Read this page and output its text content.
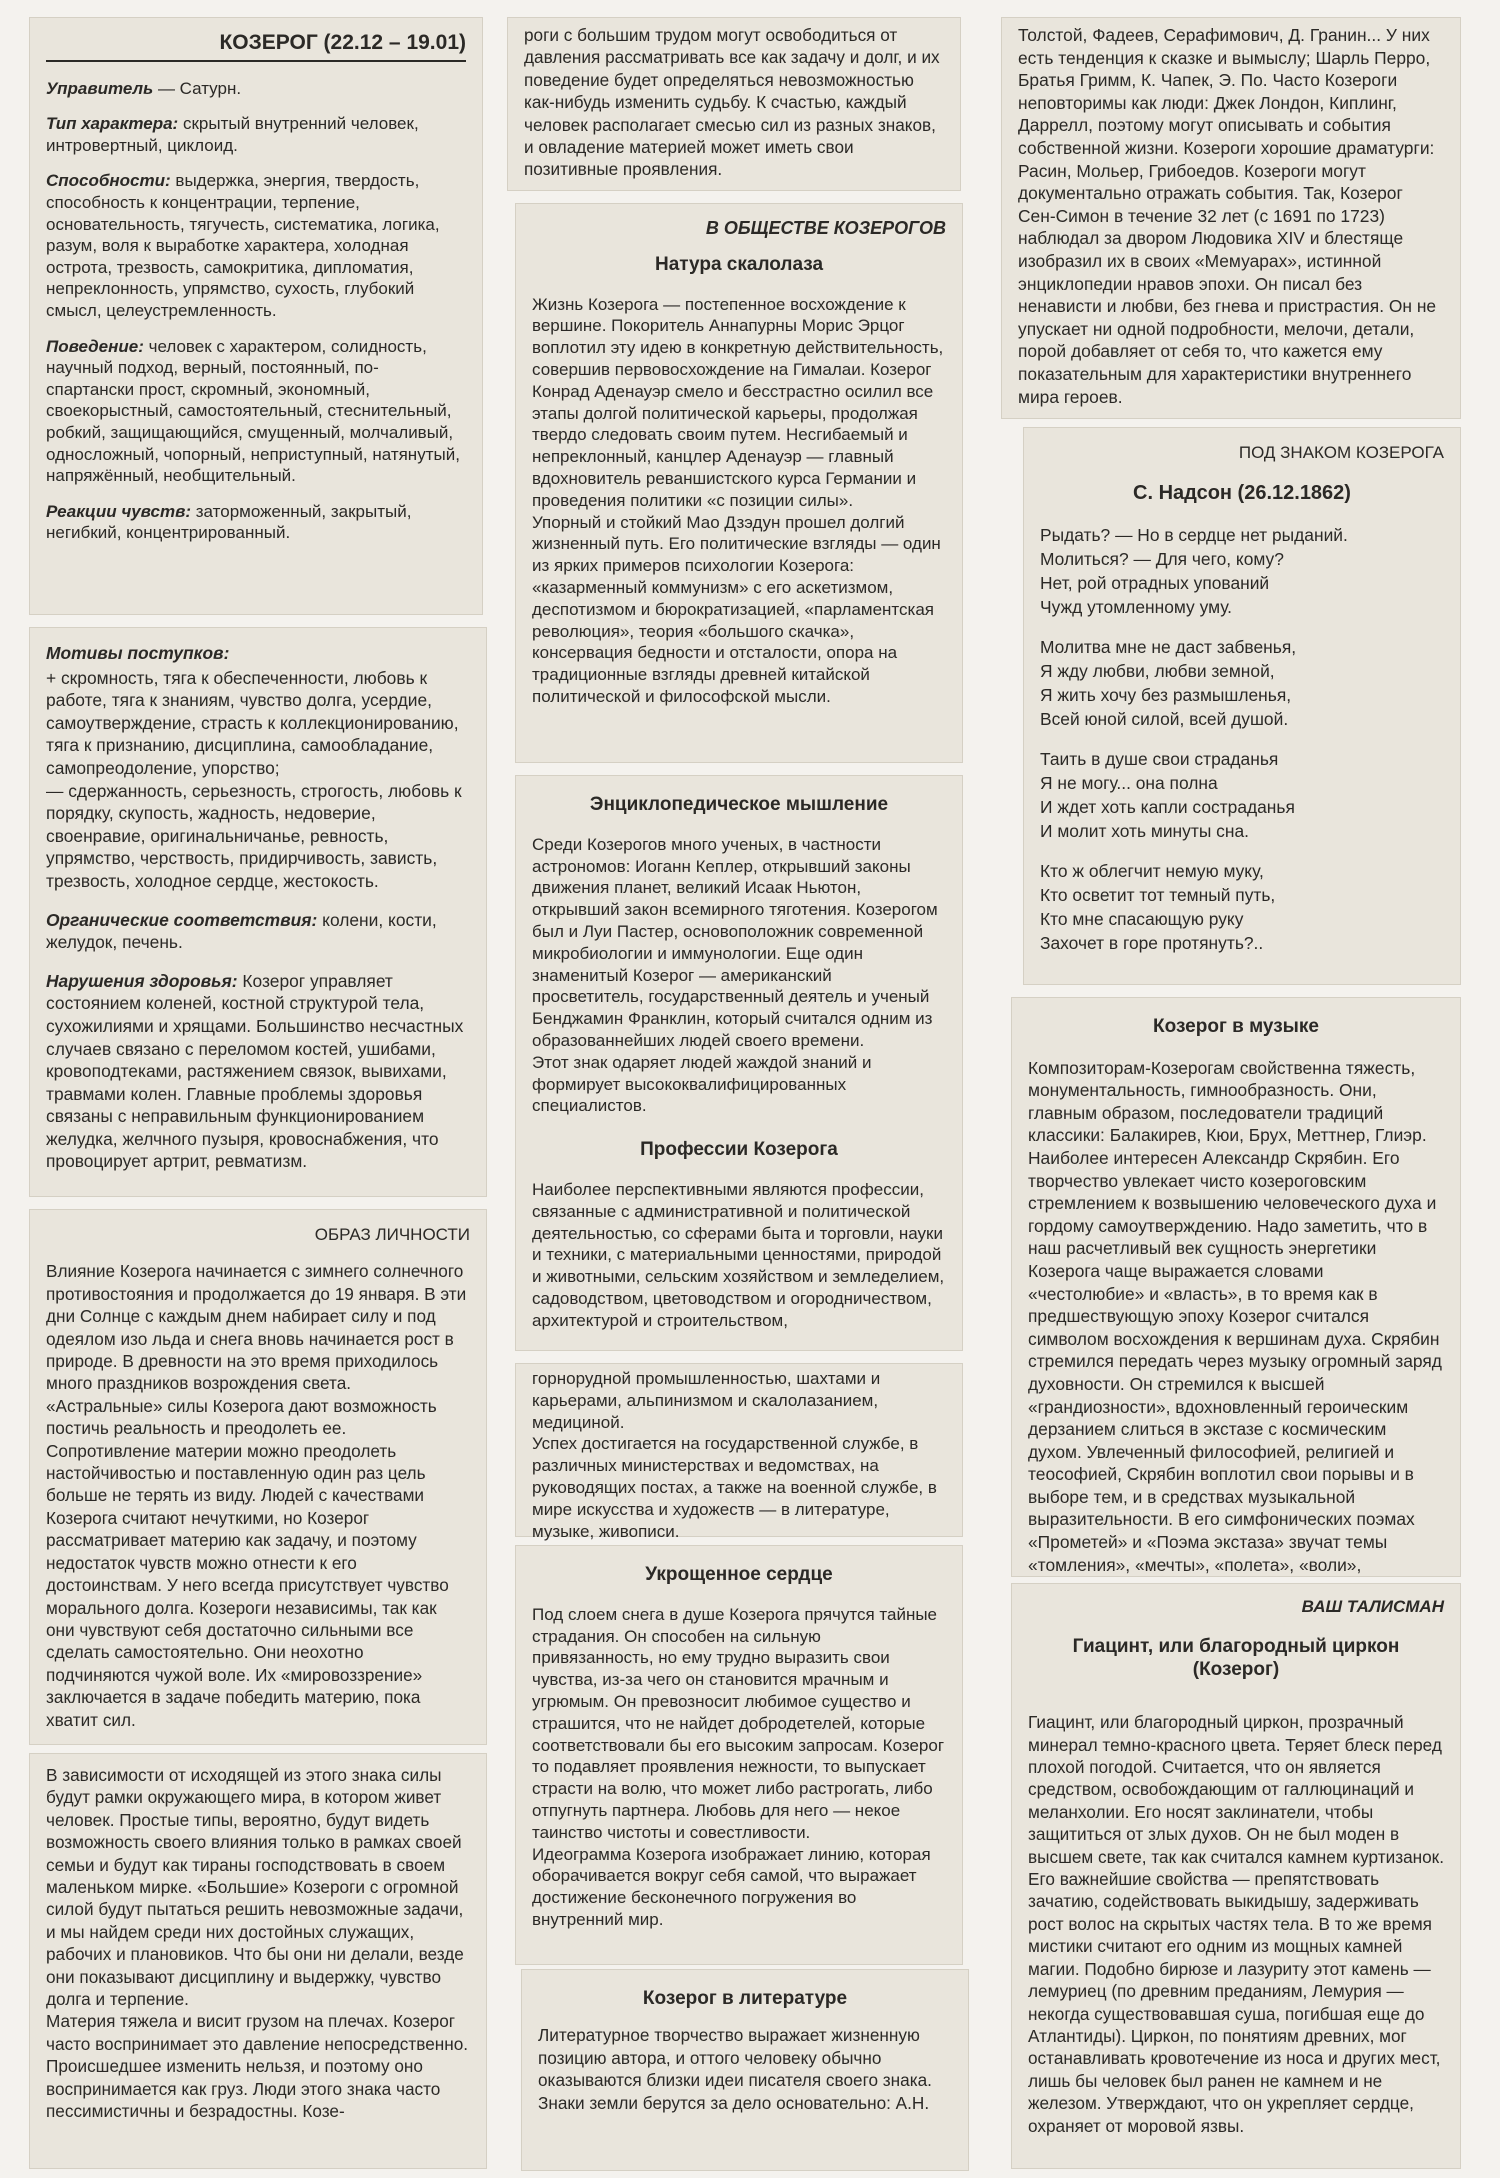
КОЗЕРОГ (22.12 – 19.01)

Управитель — Сатурн.

Тип характера: скрытый внутренний человек, интровертный, циклоид.

Способности: выдержка, энергия, твердость, способность к концентрации, терпение, основательность, тягучесть, систематика, логика, разум, воля к выработке характера, холодная острота, трезвость, самокритика, дипломатия, непреклонность, упрямство, сухость, глубокий смысл, целеустремленность.

Поведение: человек с характером, солидность, научный подход, верный, постоянный, по-спартански прост, скромный, экономный, своекорыстный, самостоятельный, стеснительный, робкий, защищающийся, смущенный, молчаливый, односложный, чопорный, неприступный, натянутый, напряжённый, необщительный.

Реакции чувств: заторможенный, закрытый, негибкий, концентрированный.

Мотивы поступков:

+ скромность, тяга к обеспеченности, любовь к работе, тяга к знаниям, чувство долга, усердие, самоутверждение, страсть к коллекционированию, тяга к признанию, дисциплина, самообладание, самопреодоление, упорство;

— сдержанность, серьезность, строгость, любовь к порядку, скупость, жадность, недоверие, своенравие, оригинальничанье, ревность, упрямство, черствость, придирчивость, зависть, трезвость, холодное сердце, жестокость.

Органические соответствия: колени, кости, желудок, печень.

Нарушения здоровья: Козерог управляет состоянием коленей, костной структурой тела, сухожилиями и хрящами. Большинство несчастных случаев связано с переломом костей, ушибами, кровоподтеками, растяжением связок, вывихами, травмами колен. Главные проблемы здоровья связаны с неправильным функционированием желудка, желчного пузыря, кровоснабжения, что провоцирует артрит, ревматизм.

ОБРАЗ ЛИЧНОСТИ

Влияние Козерога начинается с зимнего солнечного противостояния и продолжается до 19 января. В эти дни Солнце с каждым днем набирает силу и под одеялом изо льда и снега вновь начинается рост в природе. В древности на это время приходилось много праздников возрождения света. «Астральные» силы Козерога дают возможность постичь реальность и преодолеть ее. Сопротивление материи можно преодолеть настойчивостью и поставленную один раз цель больше не терять из виду. Людей с качествами Козерога считают нечуткими, но Козерог рассматривает материю как задачу, и поэтому недостаток чувств можно отнести к его достоинствам. У него всегда присутствует чувство морального долга. Козероги независимы, так как они чувствуют себя достаточно сильными все сделать самостоятельно. Они неохотно подчиняются чужой воле. Их «мировоззрение» заключается в задаче победить материю, пока хватит сил.

В зависимости от исходящей из этого знака силы будут рамки окружающего мира, в котором живет человек. Простые типы, вероятно, будут видеть возможность своего влияния только в рамках своей семьи и будут как тираны господствовать в своем маленьком мирке. «Большие» Козероги с огромной силой будут пытаться решить невозможные задачи, и мы найдем среди них достойных служащих, рабочих и плановиков. Что бы они ни делали, везде они показывают дисциплину и выдержку, чувство долга и терпение.

Материя тяжела и висит грузом на плечах. Козерог часто воспринимает это давление непосредственно. Происшедшее изменить нельзя, и поэтому оно воспринимается как груз. Люди этого знака часто пессимистичны и безрадостны. Козе-

роги с большим трудом могут освободиться от давления рассматривать все как задачу и долг, и их поведение будет определяться невозможностью как-нибудь изменить судьбу. К счастью, каждый человек располагает смесью сил из разных знаков, и овладение материей может иметь свои позитивные проявления.

В ОБЩЕСТВЕ КОЗЕРОГОВ
Натура скалолаза

Жизнь Козерога — постепенное восхождение к вершине. Покоритель Аннапурны Морис Эрцог воплотил эту идею в конкретную действительность, совершив первовосхождение на Гималаи. Козерог Конрад Аденауэр смело и бесстрастно осилил все этапы долгой политической карьеры, продолжая твердо следовать своим путем. Несгибаемый и непреклонный, канцлер Аденауэр — главный вдохновитель реваншистского курса Германии и проведения политики «с позиции силы».

Упорный и стойкий Мао Дзэдун прошел долгий жизненный путь. Его политические взгляды — один из ярких примеров психологии Козерога: «казарменный коммунизм» с его аскетизмом, деспотизмом и бюрократизацией, «парламентская революция», теория «большого скачка», консервация бедности и отсталости, опора на традиционные взгляды древней китайской политической и философской мысли.

Энциклопедическое мышление

Среди Козерогов много ученых, в частности астрономов: Иоганн Кеплер, открывший законы движения планет, великий Исаак Ньютон, открывший закон всемирного тяготения. Козерогом был и Луи Пастер, основоположник современной микробиологии и иммунологии. Еще один знаменитый Козерог — американский просветитель, государственный деятель и ученый Бенджамин Франклин, который считался одним из образованнейших людей своего времени.

Этот знак одаряет людей жаждой знаний и формирует высококвалифицированных специалистов.

Профессии Козерога

Наиболее перспективными являются профессии, связанные с административной и политической деятельностью, со сферами быта и торговли, науки и техники, с материальными ценностями, природой и животными, сельским хозяйством и земледелием, садоводством, цветоводством и огородничеством, архитектурой и строительством,

горнорудной промышленностью, шахтами и карьерами, альпинизмом и скалолазанием, медициной.

Успех достигается на государственной службе, в различных министерствах и ведомствах, на руководящих постах, а также на военной службе, в мире искусства и художеств — в литературе, музыке, живописи.

Укрощенное сердце

Под слоем снега в душе Козерога прячутся тайные страдания. Он способен на сильную привязанность, но ему трудно выразить свои чувства, из-за чего он становится мрачным и угрюмым. Он превозносит любимое существо и страшится, что не найдет добродетелей, которые соответствовали бы его высоким запросам. Козерог то подавляет проявления нежности, то выпускает страсти на волю, что может либо растрогать, либо отпугнуть партнера. Любовь для него — некое таинство чистоты и совестливости.

Идеограмма Козерога изображает линию, которая оборачивается вокруг себя самой, что выражает достижение бесконечного погружения во внутренний мир.

Козерог в литературе

Литературное творчество выражает жизненную позицию автора, и оттого человеку обычно оказываются близки идеи писателя своего знака.

Знаки земли берутся за дело основательно: А.Н.

Толстой, Фадеев, Серафимович, Д. Гранин... У них есть тенденция к сказке и вымыслу; Шарль Перро, Братья Гримм, К. Чапек, Э. По. Часто Козероги неповторимы как люди: Джек Лондон, Киплинг, Даррелл, поэтому могут описывать и события собственной жизни. Козероги хорошие драматурги: Расин, Мольер, Грибоедов. Козероги могут документально отражать события. Так, Козерог Сен-Симон в течение 32 лет (с 1691 по 1723) наблюдал за двором Людовика XIV и блестяще изобразил их в своих «Мемуарах», истинной энциклопедии нравов эпохи. Он писал без ненависти и любви, без гнева и пристрастия. Он не упускает ни одной подробности, мелочи, детали, порой добавляет от себя то, что кажется ему показательным для характеристики внутреннего мира героев.

ПОД ЗНАКОМ КОЗЕРОГА
С. Надсон (26.12.1862)
Рыдать? — Но в сердце нет рыданий.
Молиться? — Для чего, кому?
Нет, рой отрадных упований
Чужд утомленному уму.
Молитва мне не даст забвенья,
Я жду любви, любви земной,
Я жить хочу без размышленья,
Всей юной силой, всей душой.
Таить в душе свои страданья
Я не могу... она полна
И ждет хоть капли состраданья
И молит хоть минуты сна.
Кто ж облегчит немую муку,
Кто осветит тот темный путь,
Кто мне спасающую руку
Захочет в горе протянуть?..
Козерог в музыке

Композиторам-Козерогам свойственна тяжесть, монументальность, гимнообразность. Они, главным образом, последователи традиций классики: Балакирев, Кюи, Брух, Меттнер, Глиэр.

Наиболее интересен Александр Скрябин. Его творчество увлекает чисто козероговским стремлением к возвышению человеческого духа и гордому самоутверждению. Надо заметить, что в наш расчетливый век сущность энергетики Козерога чаще выражается словами «честолюбие» и «власть», в то время как в предшествующую эпоху Козерог считался символом восхождения к вершинам духа. Скрябин стремился передать через музыку огромный заряд духовности. Он стремился к высшей «грандиозности», вдохновленный героическим дерзанием слиться в экстазе с космическим духом. Увлеченный философией, религией и теософией, Скрябин воплотил свои порывы и в выборе тем, и в средствах музыкальной выразительности. В его симфонических поэмах «Прометей» и «Поэма экстаза» звучат темы «томления», «мечты», «полета», «воли»,

ВАШ ТАЛИСМАН
Гиацинт, или благородный циркон (Козерог)

Гиацинт, или благородный циркон, прозрачный минерал темно-красного цвета. Теряет блеск перед плохой погодой. Считается, что он является средством, освобождающим от галлюцинаций и меланхолии. Его носят заклинатели, чтобы защититься от злых духов. Он не был моден в высшем свете, так как считался камнем куртизанок. Его важнейшие свойства — препятствовать зачатию, содействовать выкидышу, задерживать рост волос на скрытых частях тела. В то же время мистики считают его одним из мощных камней магии. Подобно бирюзе и лазуриту этот камень — лемуриец (по древним преданиям, Лемурия — некогда существовавшая суша, погибшая еще до Атлантиды). Циркон, по понятиям древних, мог останавливать кровотечение из носа и других мест, лишь бы человек был ранен не камнем и не железом. Утверждают, что он укрепляет сердце, охраняет от моровой язвы.
